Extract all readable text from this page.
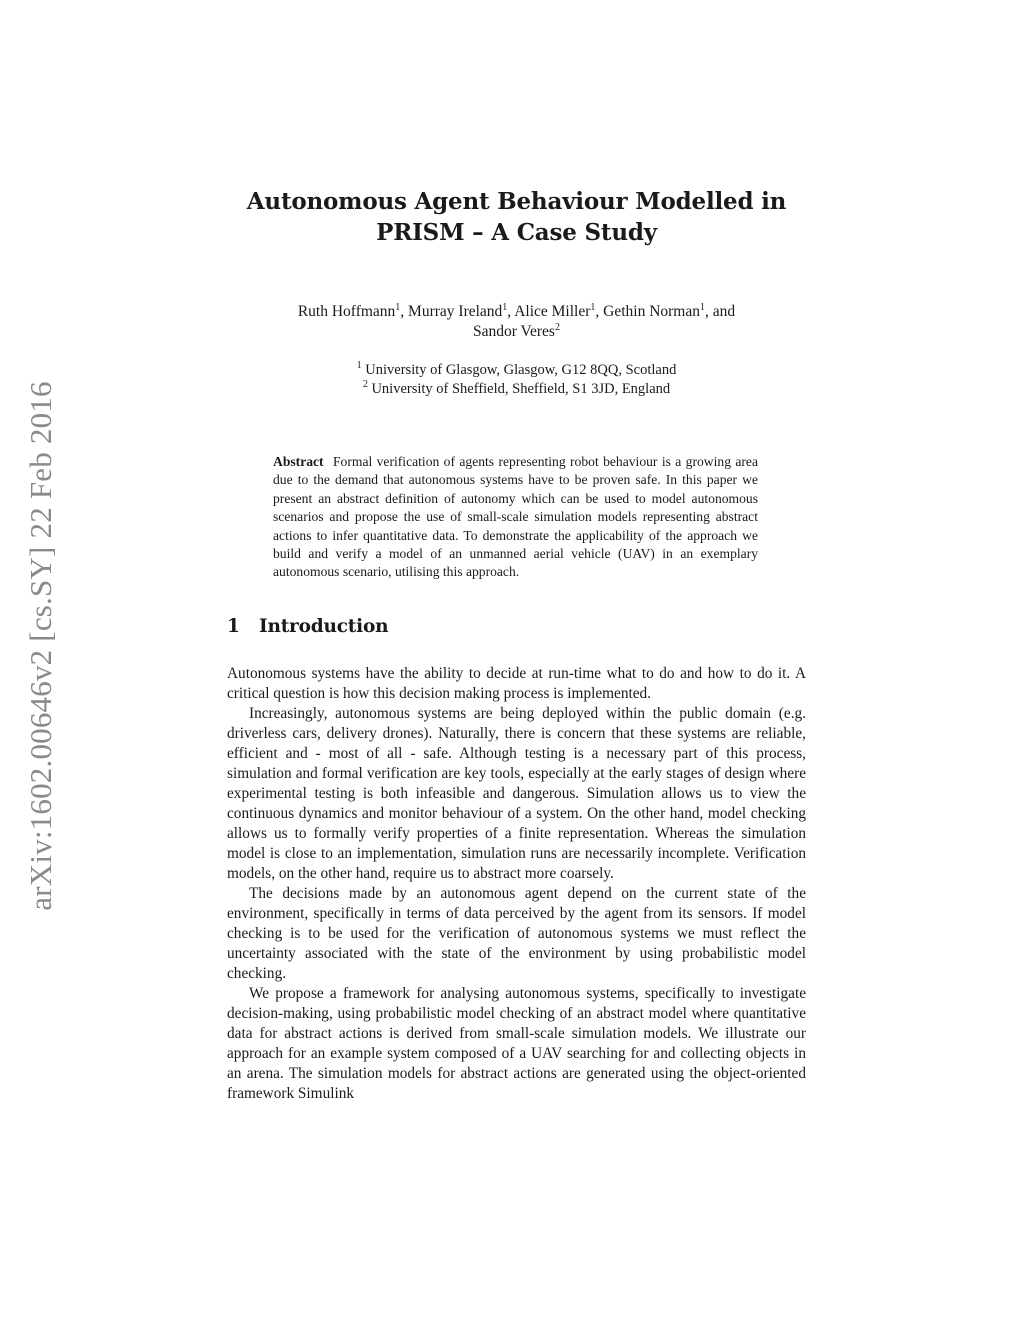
arXiv:1602.00646v2 [cs.SY] 22 Feb 2016
Autonomous Agent Behaviour Modelled in
PRISM – A Case Study
Ruth Hoffmann$^1$, Murray Ireland$^1$, Alice Miller$^1$, Gethin Norman$^1$, and
Sandor Veres$^2$
$^1$ University of Glasgow, Glasgow, G12 8QQ, Scotland
$^2$ University of Sheffield, Sheffield, S1 3JD, England
Abstract Formal verification of agents representing robot behaviour is a growing area due to the demand that autonomous systems have to be proven safe. In this paper we present an abstract definition of autonomy which can be used to model autonomous scenarios and propose the use of small-scale simulation models representing abstract actions to infer quantitative data. To demonstrate the applicability of the approach we build and verify a model of an unmanned aerial vehicle (UAV) in an exemplary autonomous scenario, utilising this approach.
1 Introduction

Autonomous systems have the ability to decide at run-time what to do and how to do it. A critical question is how this decision making process is implemented.

Increasingly, autonomous systems are being deployed within the public domain (e.g. driverless cars, delivery drones). Naturally, there is concern that these systems are reliable, efficient and - most of all - safe. Although testing is a necessary part of this process, simulation and formal verification are key tools, especially at the early stages of design where experimental testing is both infeasible and dangerous. Simulation allows us to view the continuous dynamics and monitor behaviour of a system. On the other hand, model checking allows us to formally verify properties of a finite representation. Whereas the simulation model is close to an implementation, simulation runs are necessarily incomplete. Verification models, on the other hand, require us to abstract more coarsely.

The decisions made by an autonomous agent depend on the current state of the environment, specifically in terms of data perceived by the agent from its sensors. If model checking is to be used for the verification of autonomous systems we must reflect the uncertainty associated with the state of the environment by using probabilistic model checking.

We propose a framework for analysing autonomous systems, specifically to investigate decision-making, using probabilistic model checking of an abstract model where quantitative data for abstract actions is derived from small-scale simulation models. We illustrate our approach for an example system composed of a UAV searching for and collecting objects in an arena. The simulation models for abstract actions are generated using the object-oriented framework Simulink
